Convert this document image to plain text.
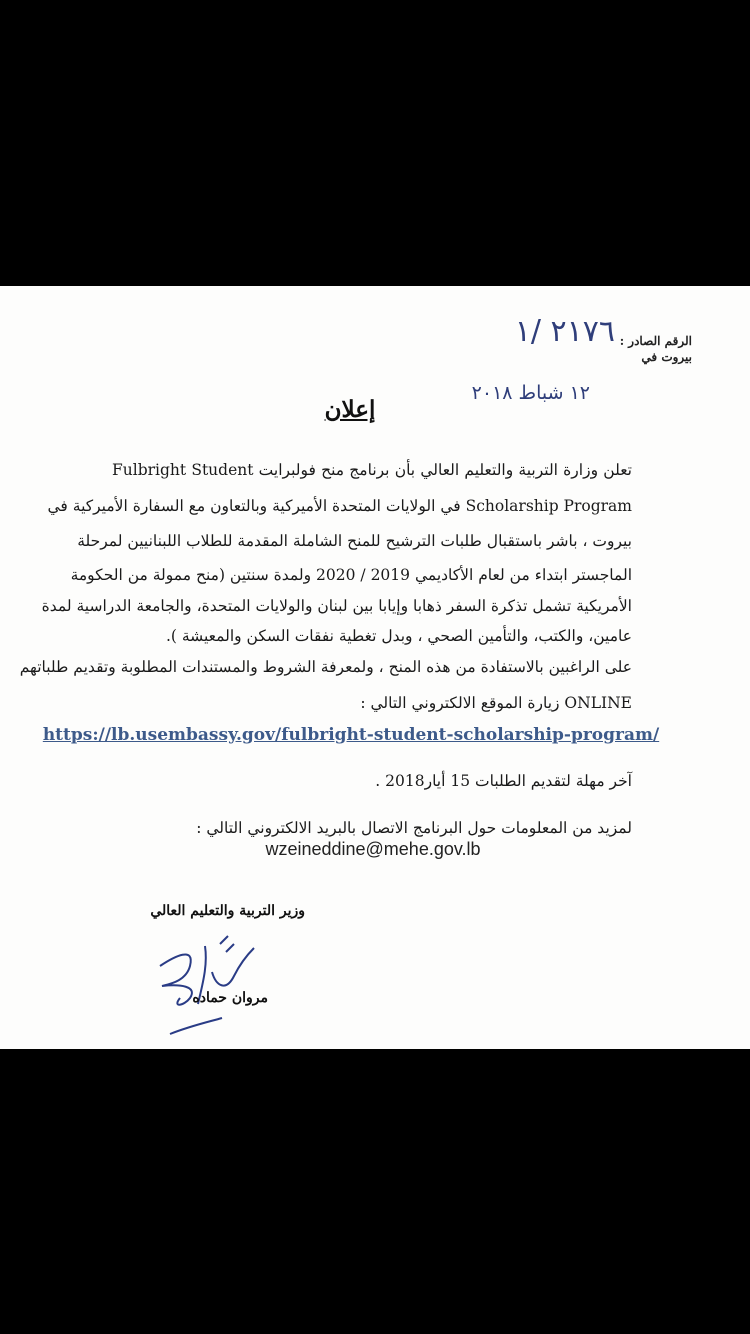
الرقم الصادر :
بيروت في
٢١٧٦ /١
١٢ شباط ٢٠١٨
إعلان
تعلن وزارة التربية والتعليم العالي بأن برنامج منح فولبرايت Fulbright Student
Scholarship Program في الولايات المتحدة الأميركية وبالتعاون مع السفارة الأميركية في
بيروت ، باشر باستقبال طلبات الترشيح للمنح الشاملة المقدمة للطلاب اللبنانيين لمرحلة
الماجستر ابتداء من لعام الأكاديمي 2019 / 2020 ولمدة سنتين (منح ممولة من الحكومة
الأمريكية تشمل تذكرة السفر ذهابا وإيابا بين لبنان والولايات المتحدة، والجامعة الدراسية لمدة
عامين، والكتب، والتأمين الصحي ، وبدل تغطية نفقات السكن والمعيشة ).
على الراغبين بالاستفادة من هذه المنح ، ولمعرفة الشروط والمستندات المطلوبة وتقديم طلباتهم
ONLINE زيارة الموقع الالكتروني التالي :
https://lb.usembassy.gov/fulbright-student-scholarship-program/
آخر مهلة لتقديم الطلبات 15 أيار2018 .
لمزيد من المعلومات حول البرنامج الاتصال بالبريد الالكتروني التالي :
wzeineddine@mehe.gov.lb
وزير التربية والتعليم العالي
مروان حماده
